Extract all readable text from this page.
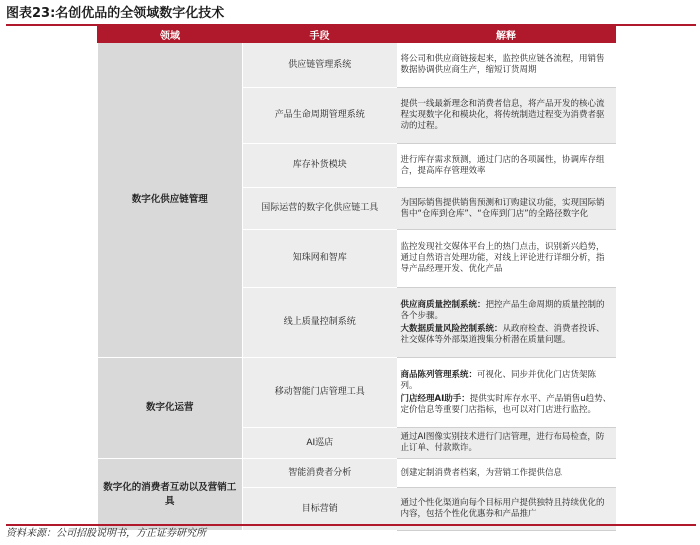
图表23:名创优品的全领域数字化技术
领域	手段	解释
数字化供应链管理	供应链管理系统	将公司和供应商链接起来，监控供应链各流程，用销售数据协调供应商生产，缩短订货周期

	产品生命周期管理系统	提供一线最新理念和消费者信息，将产品开发的核心流程实现数字化和模块化，将传统制造过程变为消费者驱动的过程。

	库存补货模块	进行库存需求预测，通过门店的各项属性，协调库存组合，提高库存管理效率

	国际运营的数字化供应链工具	为国际销售提供销售预测和订购建议功能，实现国际销售中“仓库到仓库”、“仓库到门店”的全路径数字化

	知珠网和智库	监控发现社交媒体平台上的热门点击，识别新兴趋势，通过自然语言处理功能，对线上评论进行详细分析，指导产品经理开发、优化产品

	线上质量控制系统	供应商质量控制系统：把控产品生命周期的质量控制的各个步骤。
大数据质量风险控制系统：从政府检查、消费者投诉、社交媒体等外部渠道搜集分析潜在质量问题。

数字化运营	移动智能门店管理工具	商品陈列管理系统：可视化、同步并优化门店货架陈列。
门店经理AI助手：提供实时库存水平、产品销售u趋势、定价信息等重要门店指标，也可以对门店进行监控。

	AI巡店	通过AI图像实别技术进行门店管理，进行布局检查，防止订单、付款欺诈。

数字化的消费者互动以及营销工具	智能消费者分析	创建定制消费者档案，为营销工作提供信息

	目标营销	通过个性化渠道向每个目标用户提供独特且持续优化的内容，包括个性化优惠券和产品推广
资料来源：公司招股说明书，方正证券研究所
